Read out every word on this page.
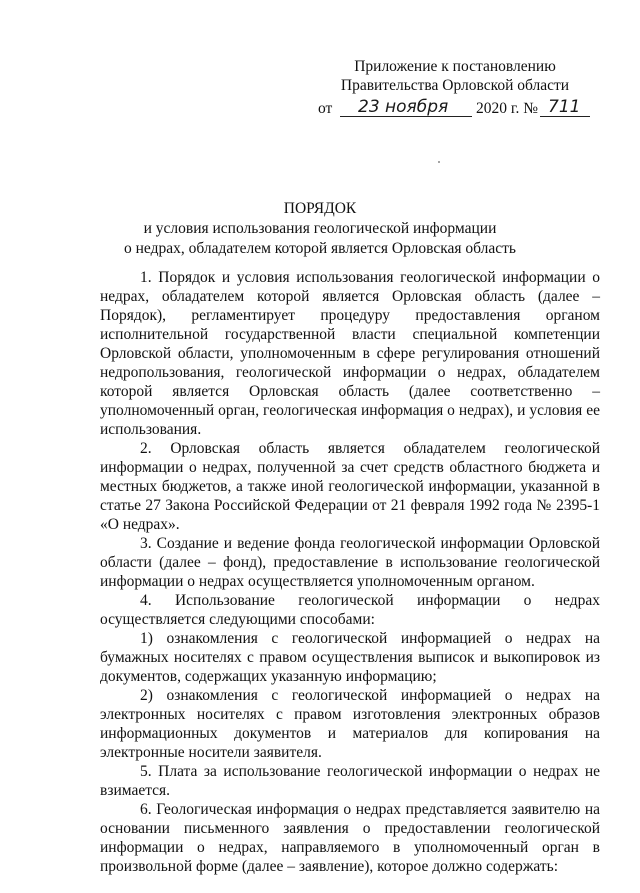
Приложение к постановлению
Правительства Орловской области
от 23 ноября 2020 г. № 711
ПОРЯДОК
и условия использования геологической информации
о недрах, обладателем которой является Орловская область

1. Порядок и условия использования геологической информации о недрах, обладателем которой является Орловская область (далее – Порядок), регламентирует процедуру предоставления органом исполнительной государственной власти специальной компетенции Орловской области, уполномоченным в сфере регулирования отношений недропользования, геологической информации о недрах, обладателем которой является Орловская область (далее соответственно – уполномоченный орган, геологическая информация о недрах), и условия ее использования.

2. Орловская область является обладателем геологической информации о недрах, полученной за счет средств областного бюджета и местных бюджетов, а также иной геологической информации, указанной в статье 27 Закона Российской Федерации от 21 февраля 1992 года № 2395-1 «О недрах».

3. Создание и ведение фонда геологической информации Орловской области (далее – фонд), предоставление в использование геологической информации о недрах осуществляется уполномоченным органом.

4. Использование геологической информации о недрах осуществляется следующими способами:

1) ознакомления с геологической информацией о недрах на бумажных носителях с правом осуществления выписок и выкопировок из документов, содержащих указанную информацию;

2) ознакомления с геологической информацией о недрах на электронных носителях с правом изготовления электронных образов информационных документов и материалов для копирования на электронные носители заявителя.

5. Плата за использование геологической информации о недрах не взимается.

6. Геологическая информация о недрах представляется заявителю на основании письменного заявления о предоставлении геологической информации о недрах, направляемого в уполномоченный орган в произвольной форме (далее – заявление), которое должно содержать:
